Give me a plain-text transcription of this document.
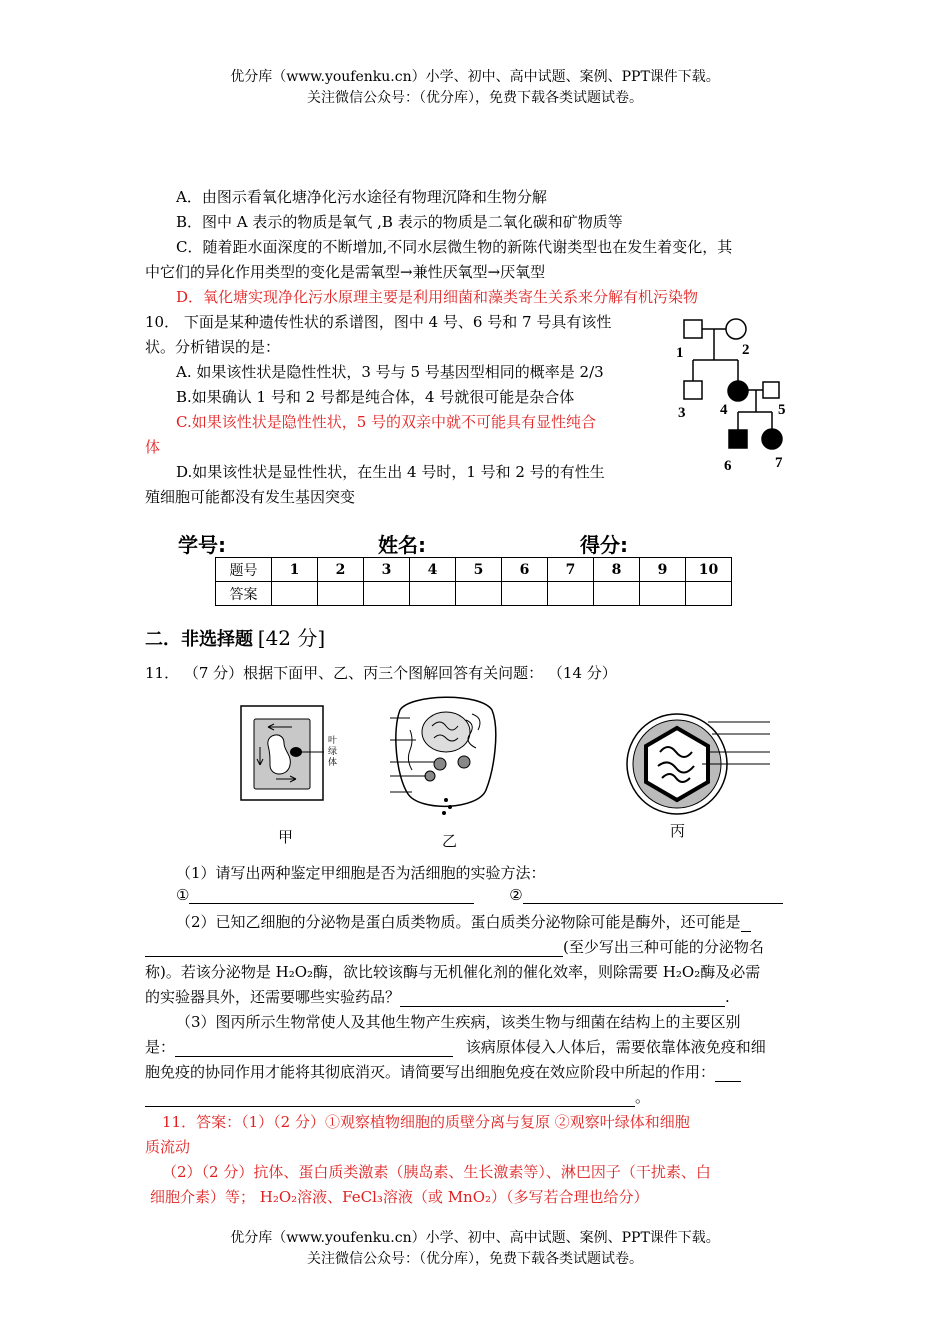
优分库（www.youfenku.cn）小学、初中、高中试题、案例、PPT课件下载。
关注微信公众号：（优分库），免费下载各类试题试卷。
A．由图示看氧化塘净化污水途径有物理沉降和生物分解
B．图中 A 表示的物质是氧气 ,B 表示的物质是二氧化碳和矿物质等
C．随着距水面深度的不断增加,不同水层微生物的新陈代谢类型也在发生着变化，其
中它们的异化作用类型的变化是需氧型→兼性厌氧型→厌氧型
D．氧化塘实现净化污水原理主要是利用细菌和藻类寄生关系来分解有机污染物
10． 下面是某种遗传性状的系谱图，图中 4 号、6 号和 7 号具有该性
状。分析错误的是：
A. 如果该性状是隐性性状，3 号与 5 号基因型相同的概率是 2/3
B.如果确认 1 号和 2 号都是纯合体，4 号就很可能是杂合体
C.如果该性状是隐性性状，5 号的双亲中就不可能具有显性纯合
体
D.如果该性状是显性性状，在生出 4 号时，1 号和 2 号的有性生
殖细胞可能都没有发生基因突变
1	2
3 4	5
6	7
学号:	姓名:	得分:
题号	1	2	3	4	5	6	7	8	9	10
答案										
二．非选择题 [42 分]
11． （7 分）根据下面甲、乙、丙三个图解回答有关问题： （14 分）
叶绿体
甲	乙
丙
（1）请写出两种鉴定甲细胞是否为活细胞的实验方法：
①	②
（2）已知乙细胞的分泌物是蛋白质类物质。蛋白质类分泌物除可能是酶外，还可能是
(至少写出三种可能的分泌物名
称)。若该分泌物是 H₂O₂酶，欲比较该酶与无机催化剂的催化效率，则除需要 H₂O₂酶及必需
的实验器具外，还需要哪些实验药品？	.
（3）图丙所示生物常使人及其他生物产生疾病，该类生物与细菌在结构上的主要区别
是：	该病原体侵入人体后，需要依靠体液免疫和细
胞免疫的协同作用才能将其彻底消灭。请简要写出细胞免疫在效应阶段中所起的作用：
。
11．答案：（1）（2 分）①观察植物细胞的质壁分离与复原 ②观察叶绿体和细胞
质流动
（2）（2 分）抗体、蛋白质类激素（胰岛素、生长激素等）、淋巴因子（干扰素、白
细胞介素）等； H₂O₂溶液、FeCl₃溶液（或 MnO₂）（多写若合理也给分）
优分库（www.youfenku.cn）小学、初中、高中试题、案例、PPT课件下载。
关注微信公众号：（优分库），免费下载各类试题试卷。
